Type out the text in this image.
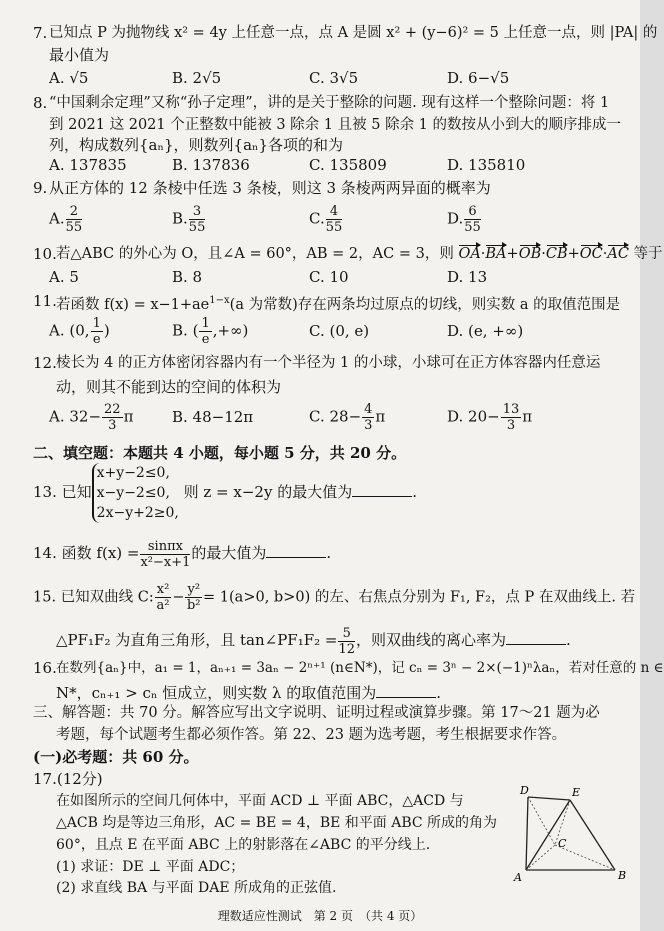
7. 已知点 P 为抛物线 x² = 4y 上任意一点，点 A 是圆 x² + (y−6)² = 5 上任意一点，则 |PA| 的
最小值为
A. √5	B. 2√5	C. 3√5	D. 6−√5
8. “中国剩余定理”又称“孙子定理”，讲的是关于整除的问题. 现有这样一个整除问题：将 1
到 2021 这 2021 个正整数中能被 3 除余 1 且被 5 除余 1 的数按从小到大的顺序排成一
列，构成数列{aₙ}，则数列{aₙ}各项的和为
A. 137835	B. 137836	C. 135809	D. 135810
9. 从正方体的 12 条棱中任选 3 条棱，则这 3 条棱两两异面的概率为
A. $\frac{2}{55}$	B. $\frac{3}{55}$	C. $\frac{4}{55}$	D. $\frac{6}{55}$
10. 若△ABC 的外心为 O，且∠A = 60°，AB = 2，AC = 3，则 OA·BA+OB·CB+OC·AC 等于
A. 5	B. 8	C. 10	D. 13
11. 若函数 $f(x) = x-1+ae^{1-x}(a$ 为常数)存在两条均过原点的切线，则实数 a 的取值范围是
A. (0, $\frac{1}{e}$ )	B. ( $\frac{1}{e}$ ,+∞)	C. (0, e)	D. (e, +∞)
12. 棱长为 4 的正方体密闭容器内有一个半径为 1 的小球，小球可在正方体容器内任意运
动，则其不能到达的空间的体积为
A. $32- \frac{22}{3}$ π	B. 48−12π	C. $28- \frac{4}{3}$ π	D. $20- \frac{13}{3}$ π
二、填空题：本题共 4 小题，每小题 5 分，共 20 分。
13. 已知
x+y−2≤0,
x−y−2≤0,
2x−y+2≥0,
则 z = x−2y 的最大值为	.
14. 函数 $f(x) = \frac{\sin\pi x}{\text{x²−x+1}}$ 的最大值为	.
15. 已知双曲线 C: $\frac{\text{x²}}{\text{a²}} - \frac{\text{y²}}{\text{b²}} = 1(a>0$, b>0) 的左、右焦点分别为 F₁, F₂，点 P 在双曲线上. 若
△PF₁F₂ 为直角三角形，且 tan∠PF₁F₂ = $\frac{5}{12}$ ，则双曲线的离心率为	.
16. 在数列{aₙ}中，a₁ = 1，aₙ₊₁ = 3aₙ − 2ⁿ⁺¹ (n∈N*)，记 cₙ = 3ⁿ − 2×(−1)ⁿλaₙ，若对任意的 n ∈
N*，cₙ₊₁ > cₙ 恒成立，则实数 λ 的取值范围为	.
三、解答题：共 70 分。解答应写出文字说明、证明过程或演算步骤。第 17～21 题为必
考题，每个试题考生都必须作答。第 22、23 题为选考题，考生根据要求作答。
(一)必考题：共 60 分。
17.(12分)
在如图所示的空间几何体中，平面 ACD ⊥ 平面 ABC，△ACD 与
△ACB 均是等边三角形，AC = BE = 4，BE 和平面 ABC 所成的角为
60°，且点 E 在平面 ABC 上的射影落在∠ABC 的平分线上.
(1) 求证：DE ⊥ 平面 ADC；
(2) 求直线 BA 与平面 DAE 所成角的正弦值.
D	E
C
A	B
理数适应性测试　第 2 页　（共 4 页）
